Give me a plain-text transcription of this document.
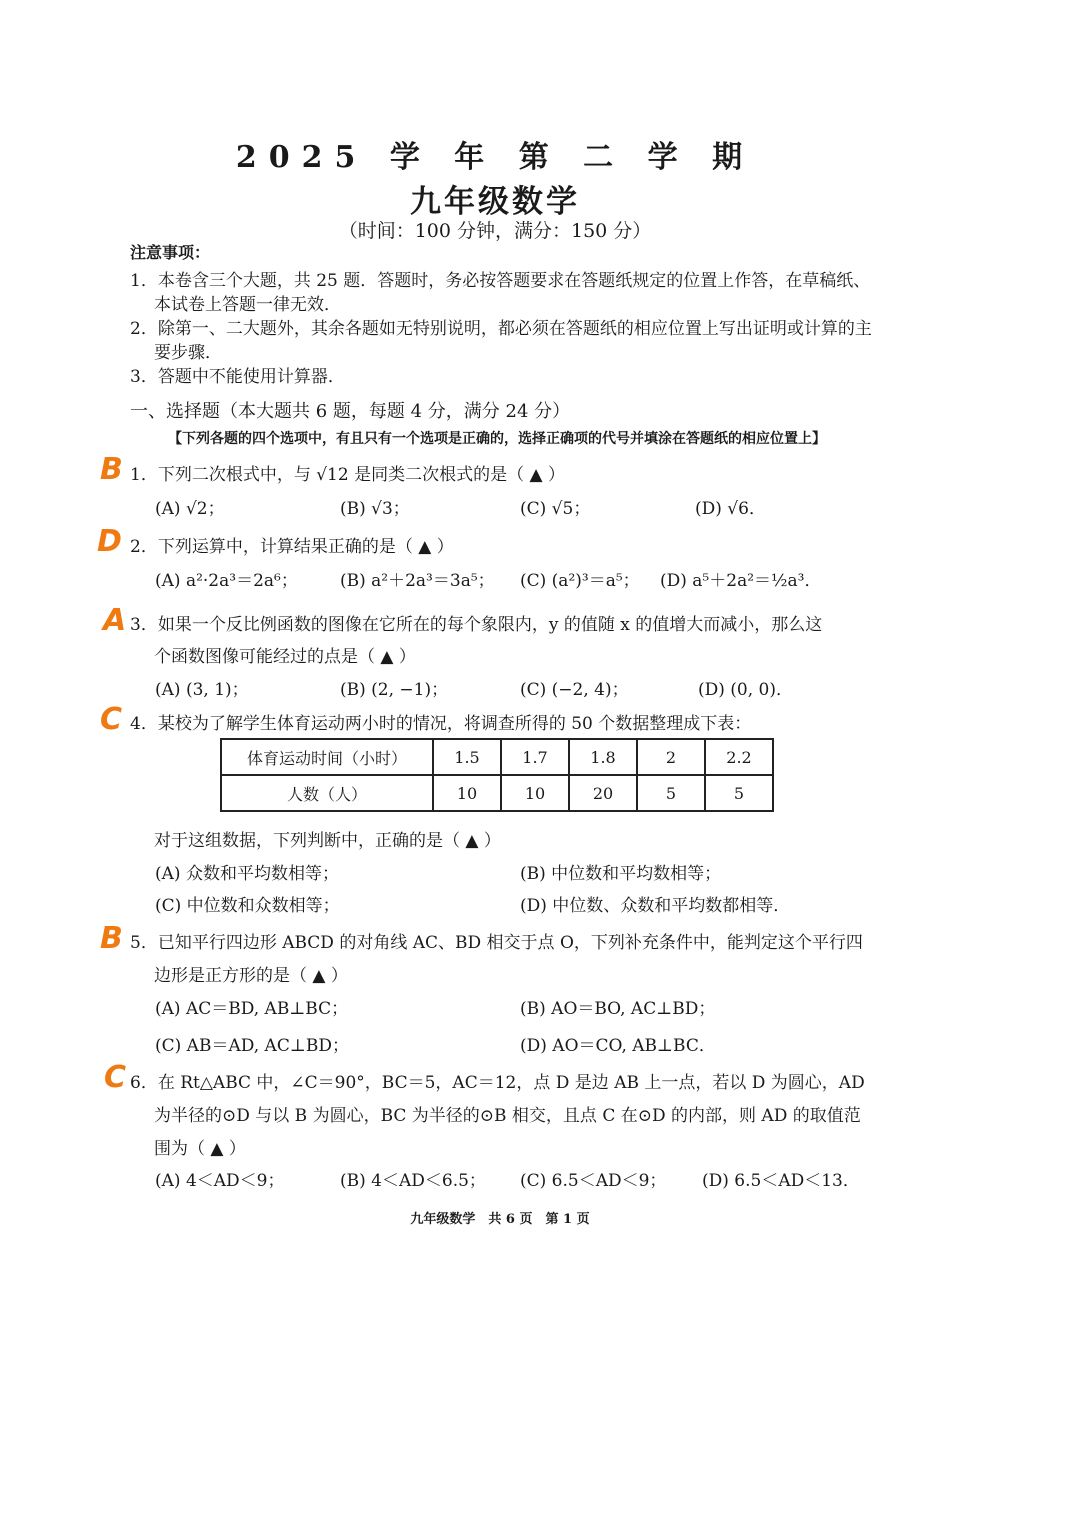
2025 学 年 第 二 学 期
九年级数学
（时间：100 分钟，满分：150 分）
注意事项：
1．本卷含三个大题，共 25 题．答题时，务必按答题要求在答题纸规定的位置上作答，在草稿纸、
本试卷上答题一律无效．
2．除第一、二大题外，其余各题如无特别说明，都必须在答题纸的相应位置上写出证明或计算的主
要步骤．
3．答题中不能使用计算器．
一、选择题（本大题共 6 题，每题 4 分，满分 24 分）
【下列各题的四个选项中，有且只有一个选项是正确的，选择正确项的代号并填涂在答题纸的相应位置上】
B 1．下列二次根式中，与 √12 是同类二次根式的是（ ▲ ）
(A) √2；	(B) √3；	(C) √5；	(D) √6．
D 2．下列运算中，计算结果正确的是（ ▲ ）
(A) a²·2a³＝2a⁶； (B) a²＋2a³＝3a⁵； (C) (a²)³＝a⁵； (D) a⁵＋2a²＝½a³．
A 3．如果一个反比例函数的图像在它所在的每个象限内，y 的值随 x 的值增大而减小，那么这
个函数图像可能经过的点是（ ▲ ）
(A) (3, 1)；	(B) (2, −1)；	(C) (−2, 4)；	(D) (0, 0)．
C 4．某校为了解学生体育运动两小时的情况，将调查所得的 50 个数据整理成下表：
体育运动时间（小时）	1.5	1.7	1.8	2	2.2
人数（人）	10	10	20	5	5
对于这组数据，下列判断中，正确的是（ ▲ ）
(A) 众数和平均数相等；	(B) 中位数和平均数相等；
(C) 中位数和众数相等；	(D) 中位数、众数和平均数都相等．
B 5．已知平行四边形 ABCD 的对角线 AC、BD 相交于点 O，下列补充条件中，能判定这个平行四
边形是正方形的是（ ▲ ）
(A) AC＝BD, AB⊥BC；	(B) AO＝BO, AC⊥BD；
(C) AB＝AD, AC⊥BD；	(D) AO＝CO, AB⊥BC．
C 6．在 Rt△ABC 中，∠C＝90°，BC＝5，AC＝12，点 D 是边 AB 上一点，若以 D 为圆心，AD
为半径的⊙D 与以 B 为圆心，BC 为半径的⊙B 相交，且点 C 在⊙D 的内部，则 AD 的取值范
围为（ ▲ ）
(A) 4＜AD＜9；	(B) 4＜AD＜6.5； (C) 6.5＜AD＜9； (D) 6.5＜AD＜13．
九年级数学　共 6 页　第 1 页
